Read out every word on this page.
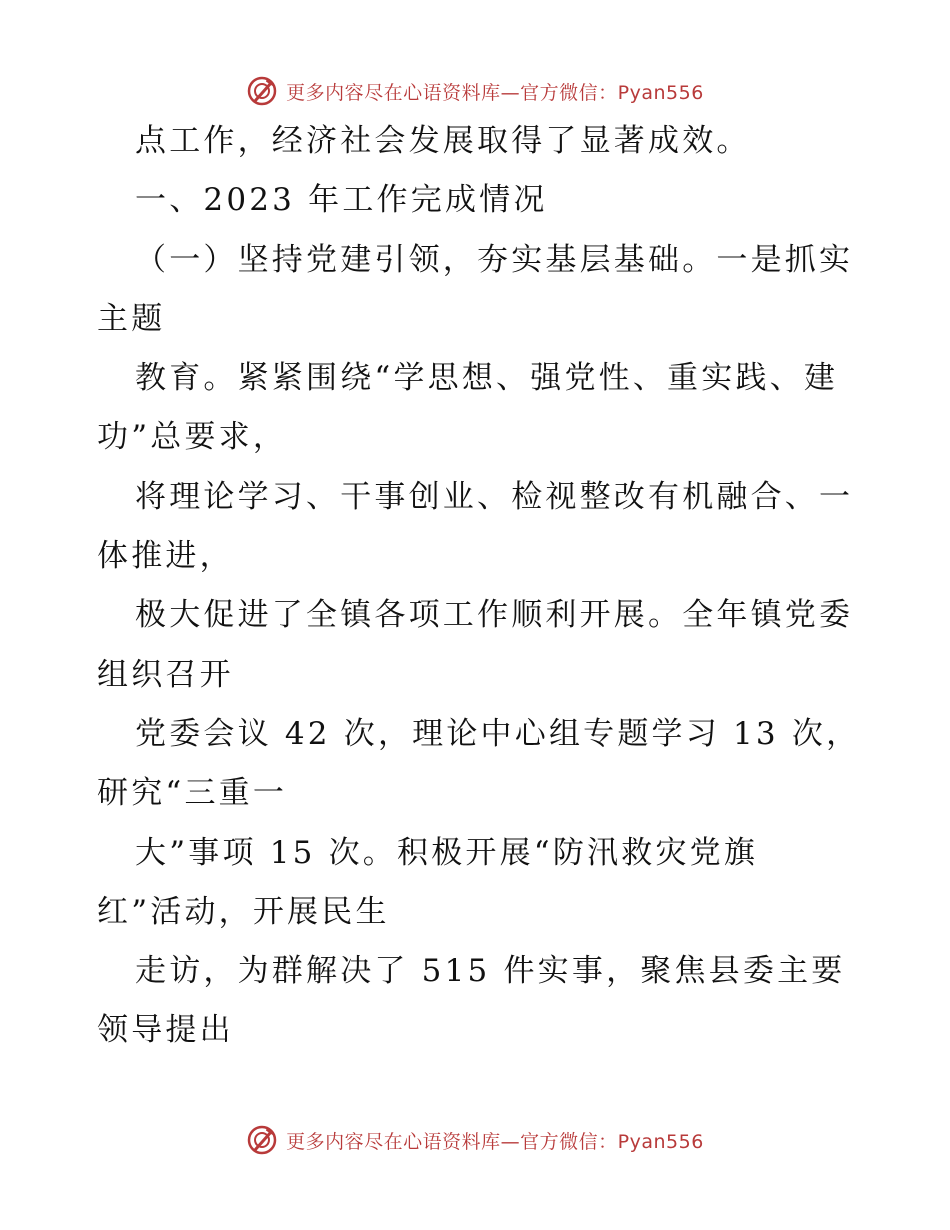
更多内容尽在心语资料库—官方微信：Pyan556
点工作，经济社会发展取得了显著成效。
一、2023 年工作完成情况
（一）坚持党建引领，夯实基层基础。一是抓实
主题
教育。紧紧围绕“学思想、强党性、重实践、建
功”总要求，
将理论学习、干事创业、检视整改有机融合、一
体推进，
极大促进了全镇各项工作顺利开展。全年镇党委
组织召开
党委会议 42 次，理论中心组专题学习 13 次，
研究“三重一
大”事项 15 次。积极开展“防汛救灾党旗
红”活动，开展民生
走访，为群解决了 515 件实事，聚焦县委主要
领导提出
更多内容尽在心语资料库—官方微信：Pyan556
